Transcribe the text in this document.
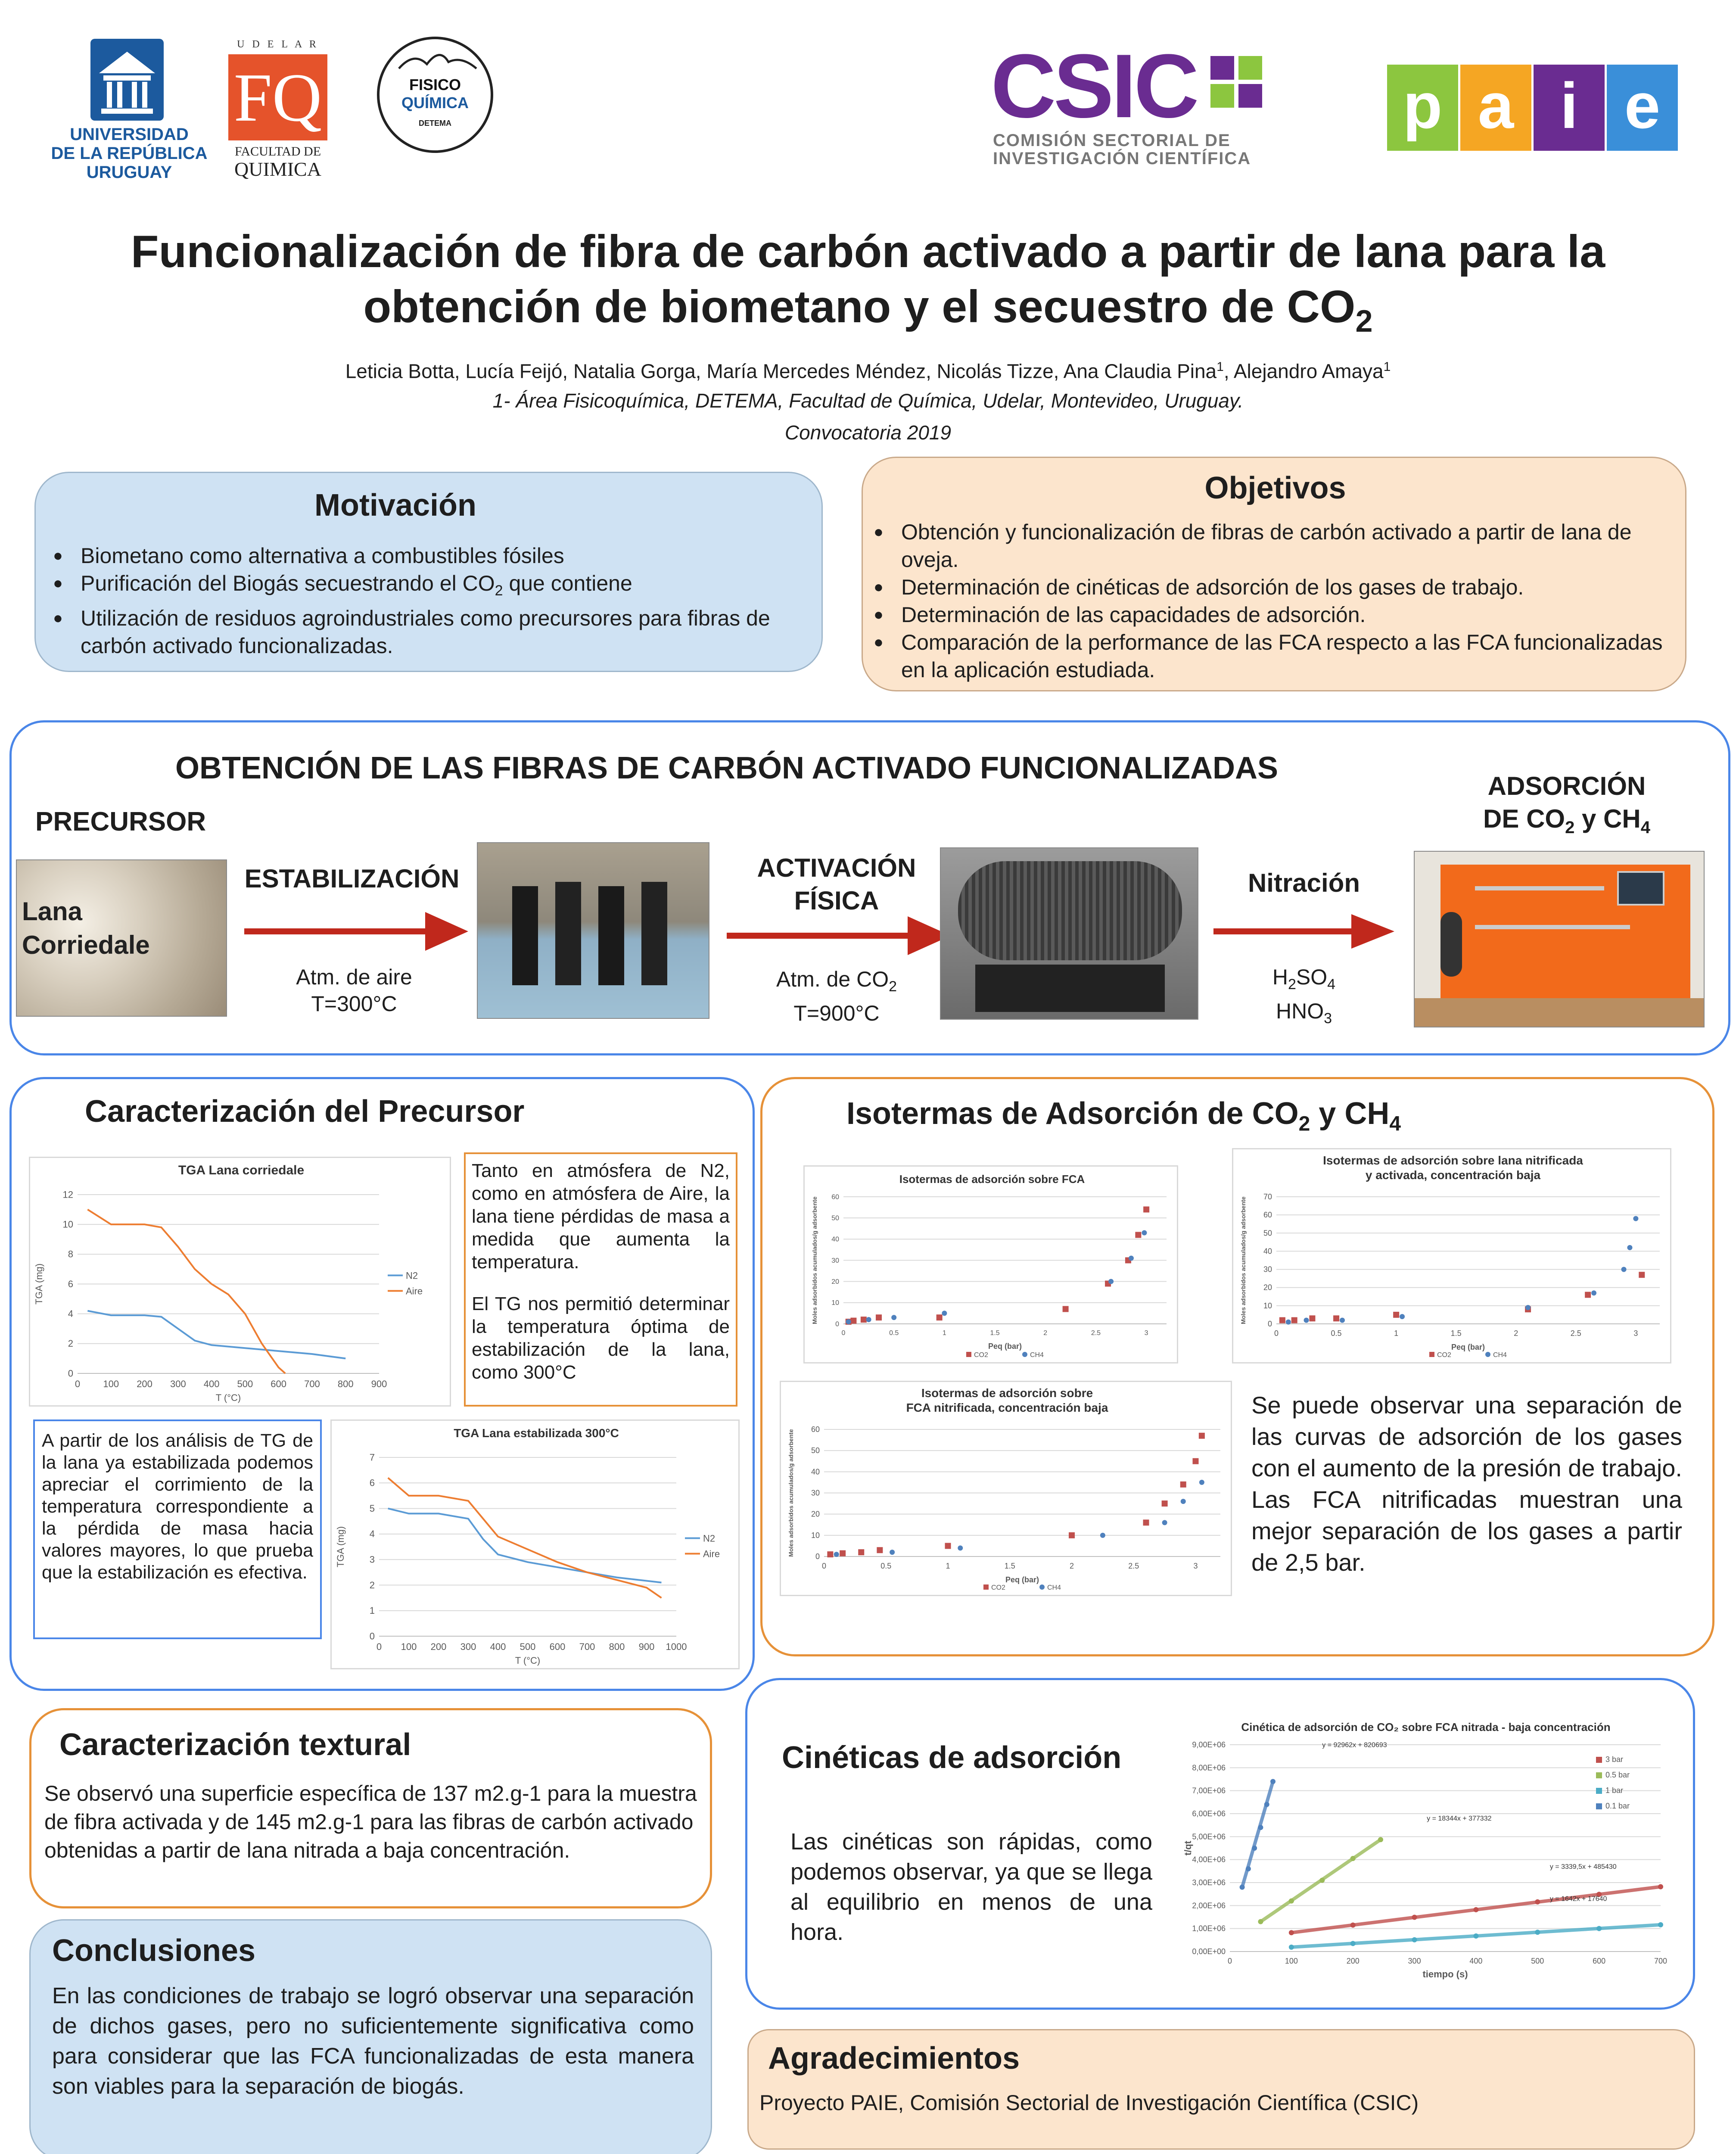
UNIVERSIDAD
DE LA REPÚBLICA
URUGUAY
U D E L A R
FQ
FACULTAD DE
QUIMICA
FISICO
QUÍMICA
DETEMA	CSIC
COMISIÓN SECTORIAL DE
INVESTIGACIÓN CIENTÍFICA
p a i e
Funcionalización de fibra de carbón activado a partir de lana para la
obtención de biometano y el secuestro de $CO_2$
Leticia Botta, Lucía Feijó, Natalia Gorga, María Mercedes Méndez, Nicolás Tizze, Ana Claudia Pina$^1$, Alejandro Amaya$^1$
1- Área Fisicoquímica, DETEMA, Facultad de Química, Udelar, Montevideo, Uruguay.
Convocatoria 2019
Motivación
● Biometano como alternativa a combustibles fósiles
● Purificación del Biogás secuestrando el $CO_2$ que contiene
● Utilización de residuos agroindustriales como precursores para fibras de carbón activado funcionalizadas.
Objetivos
● Obtención y funcionalización de fibras de carbón activado a partir de lana de oveja.
● Determinación de cinéticas de adsorción de los gases de trabajo.
● Determinación de las capacidades de adsorción.
● Comparación de la performance de las FCA respecto a las FCA funcionalizadas en la aplicación estudiada.
OBTENCIÓN DE LAS FIBRAS DE CARBÓN ACTIVADO FUNCIONALIZADAS
PRECURSOR
Lana Corriedale
ESTABILIZACIÓN
Atm. de aire
T=300°C
ACTIVACIÓN FÍSICA
Atm. de $CO_2$
T=900°C
Nitración
$H_2SO_4$
$HNO_3$
ADSORCIÓN
DE $CO_2$ y $CH_4$
Caracterización del Precursor
TGA Lana corriedale
0
2
4
6
8
10
12
0 100 200 300 400 500 600 700 800 900
T (°C)
TGA (mg)	N2
Aire
Tanto en atmósfera de N2, como en atmósfera de Aire, la lana tiene pérdidas de masa a medida que aumenta la temperatura.
El TG nos permitió determinar la temperatura óptima de estabilización de la lana, como 300°C
A partir de los análisis de TG de la lana ya estabilizada podemos apreciar el corrimiento de la temperatura correspondiente a la pérdida de masa hacia valores mayores, lo que prueba que la estabilización es efectiva.
TGA Lana estabilizada 300°C
0
1
2
3
4
5
6
7
0 100 200 300 400 500 600 700 800 900 1000
T (°C)
TGA (mg)	N2
Aire
Isotermas de Adsorción de $CO_2$ y $CH_4$
Isotermas de adsorción sobre FCA
0
10
20
30
40
50
60
0	0.5	1	1.5	2	2.5	3
Peq (bar)
Moles adsorbidos acumulados/g adsorbente
CO2	CH4
Isotermas de adsorción sobre lana nitrificada
y activada, concentración baja
0
10
20
30
40
50
60
70
0	0.5	1	1.5	2	2.5	3
Peq (bar)
Moles adsorbidos acumulados/g adsorbente
CO2	CH4
Isotermas de adsorción sobre
FCA nitrificada, concentración baja
0
10
20
30
40
50
60
0	0.5	1	1.5	2	2.5	3
Peq (bar)
Moles adsorbidos acumulados/g adsorbente
CO2	CH4
Se puede observar una separación de las curvas de adsorción de los gases con el aumento de la presión de trabajo. Las FCA nitrificadas muestran una mejor separación de los gases a partir de 2,5 bar.
Caracterización textural
Se observó una superficie específica de 137 m2.g-1 para la muestra de fibra activada y de 145 m2.g-1 para las fibras de carbón activado obtenidas a partir de lana nitrada a baja concentración.
Conclusiones
En las condiciones de trabajo se logró observar una separación de dichos gases, pero no suficientemente significativa como para considerar que las FCA funcionalizadas de esta manera son viables para la separación de biogás.
Cinéticas de adsorción
Las cinéticas son rápidas, como podemos observar, ya que se llega al equilibrio en menos de una hora.
Cinética de adsorción de CO₂ sobre FCA nitrada - baja concentración
0,00E+00
1,00E+06
2,00E+06
3,00E+06
4,00E+06
5,00E+06
6,00E+06
7,00E+06
8,00E+06
9,00E+06
0	100	200	300	400	500	600	700
tiempo (s)
t/qt
3 bar
0.5 bar
1 bar
0.1 bar
y = 92962x + 820693
y = 18344x + 377332
y = 3339,5x + 485430
y = 1642x + 17640
Agradecimientos
Proyecto PAIE, Comisión Sectorial de Investigación Científica (CSIC)
